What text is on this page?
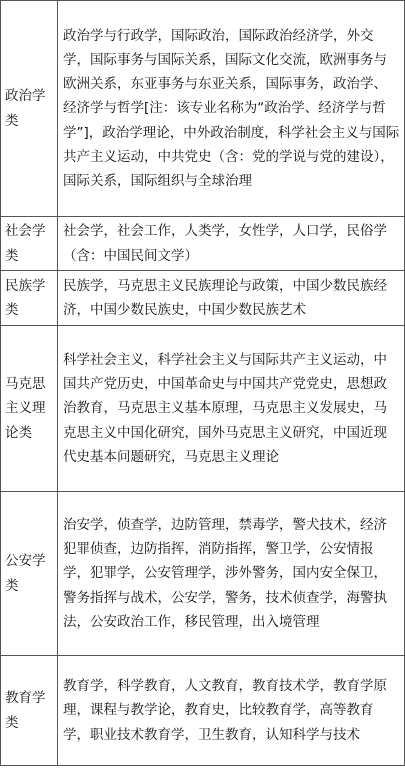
政治学类	政治学与行政学，国际政治，国际政治经济学，外交学，国际事务与国际关系，国际文化交流，欧洲事务与欧洲关系，东亚事务与东亚关系，国际事务，政治学、经济学与哲学[注：该专业名称为“政治学、经济学与哲学”]，政治学理论，中外政治制度，科学社会主义与国际共产主义运动，中共党史（含：党的学说与党的建设），国际关系，国际组织与全球治理
社会学类	社会学，社会工作，人类学，女性学，人口学，民俗学（含：中国民间文学）
民族学类	民族学，马克思主义民族理论与政策，中国少数民族经济，中国少数民族史，中国少数民族艺术
马克思主义理论类	科学社会主义，科学社会主义与国际共产主义运动，中国共产党历史，中国革命史与中国共产党党史，思想政治教育，马克思主义基本原理，马克思主义发展史，马克思主义中国化研究，国外马克思主义研究，中国近现代史基本问题研究，马克思主义理论
公安学类	治安学，侦查学，边防管理，禁毒学，警犬技术，经济犯罪侦查，边防指挥，消防指挥，警卫学，公安情报学，犯罪学，公安管理学，涉外警务，国内安全保卫，警务指挥与战术，公安学，警务，技术侦查学，海警执法，公安政治工作，移民管理，出入境管理
教育学类	教育学，科学教育，人文教育，教育技术学，教育学原理，课程与教学论，教育史，比较教育学，高等教育学，职业技术教育学，卫生教育，认知科学与技术
